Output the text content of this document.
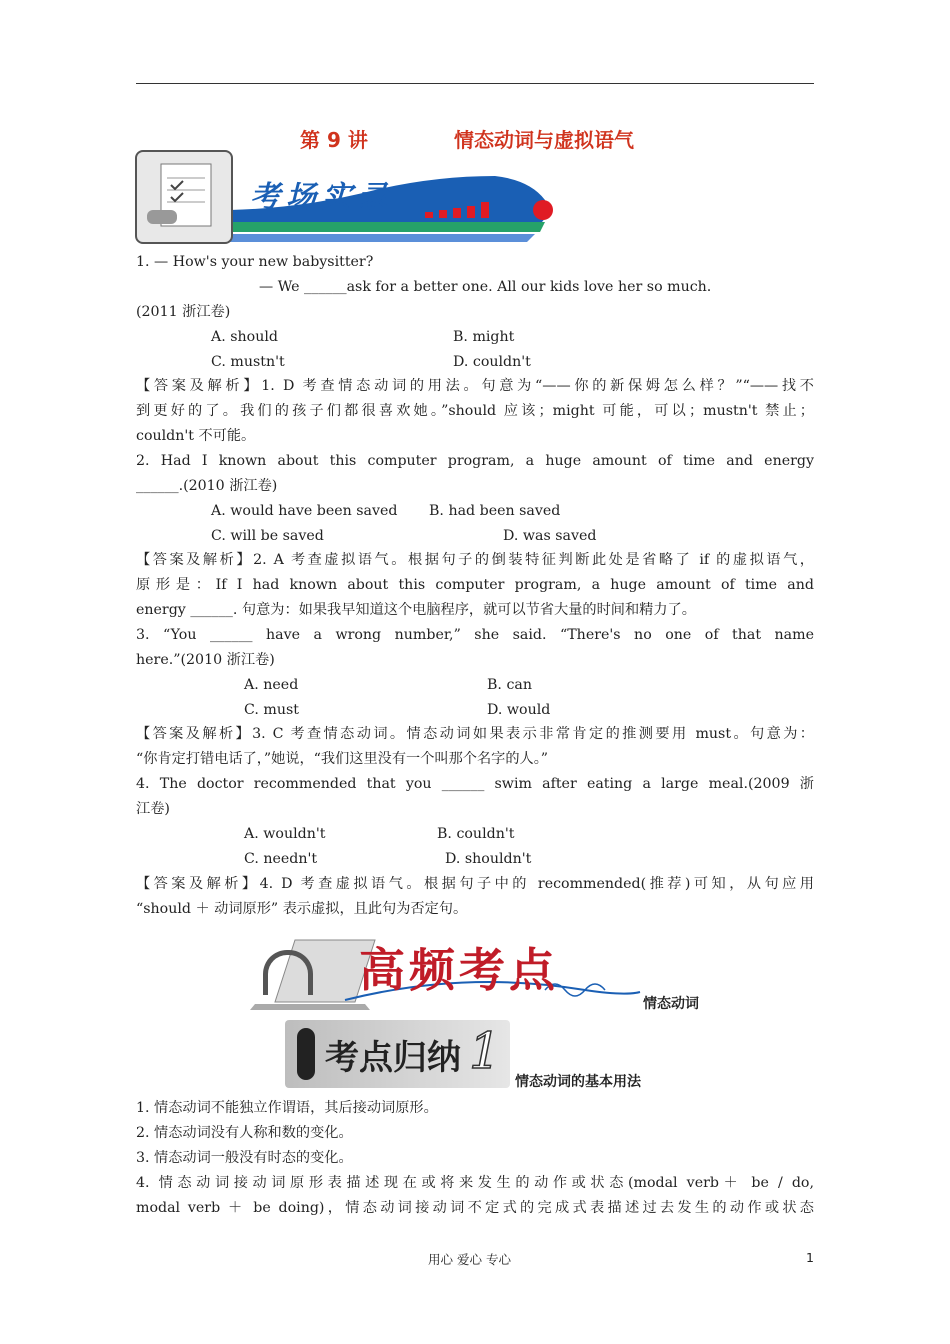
第 9 讲	情态动词与虚拟语气
考场实录
1. — How's your new babysitter?
— We ______ask for a better one. All our kids love her so much.
(2011 浙江卷)
A. should	B. might
C. mustn't	D. couldn't
【答案及解析】1. D 考查情态动词的用法。句意为“——你的新保姆怎么样？”“——找不
到更好的了。我们的孩子们都很喜欢她。”should 应该；might 可能，可以；mustn't 禁止；
couldn't 不可能。
2. Had I known about this computer program, a huge amount of time and energy
______.(2010 浙江卷)
A. would have been saved B. had been saved
C. will be saved	D. was saved
【答案及解析】2. A 考查虚拟语气。根据句子的倒装特征判断此处是省略了 if 的虚拟语气，
原形是：If I had known about this computer program, a huge amount of time and
energy ______. 句意为：如果我早知道这个电脑程序，就可以节省大量的时间和精力了。
3. “You ______ have a wrong number,” she said. “There's no one of that name
here.”(2010 浙江卷)
A. need	B. can
C. must	D. would
【答案及解析】3. C 考查情态动词。情态动词如果表示非常肯定的推测要用 must。句意为：
“你肯定打错电话了，”她说，“我们这里没有一个叫那个名字的人。”
4. The doctor recommended that you ______ swim after eating a large meal.(2009 浙
江卷)
A. wouldn't	B. couldn't
C. needn't	D. shouldn't
【答案及解析】4. D 考查虚拟语气。根据句子中的 recommended(推荐)可知，从句应用
“should ＋ 动词原形” 表示虚拟，且此句为否定句。
高频考点
情态动词
考点归纳 1
情态动词的基本用法
1. 情态动词不能独立作谓语，其后接动词原形。
2. 情态动词没有人称和数的变化。
3. 情态动词一般没有时态的变化。
4. 情态动词接动词原形表描述现在或将来发生的动作或状态(modal verb＋ be / do,
modal verb ＋ be doing)，情态动词接动词不定式的完成式表描述过去发生的动作或状态
用心 爱心 专心	1
